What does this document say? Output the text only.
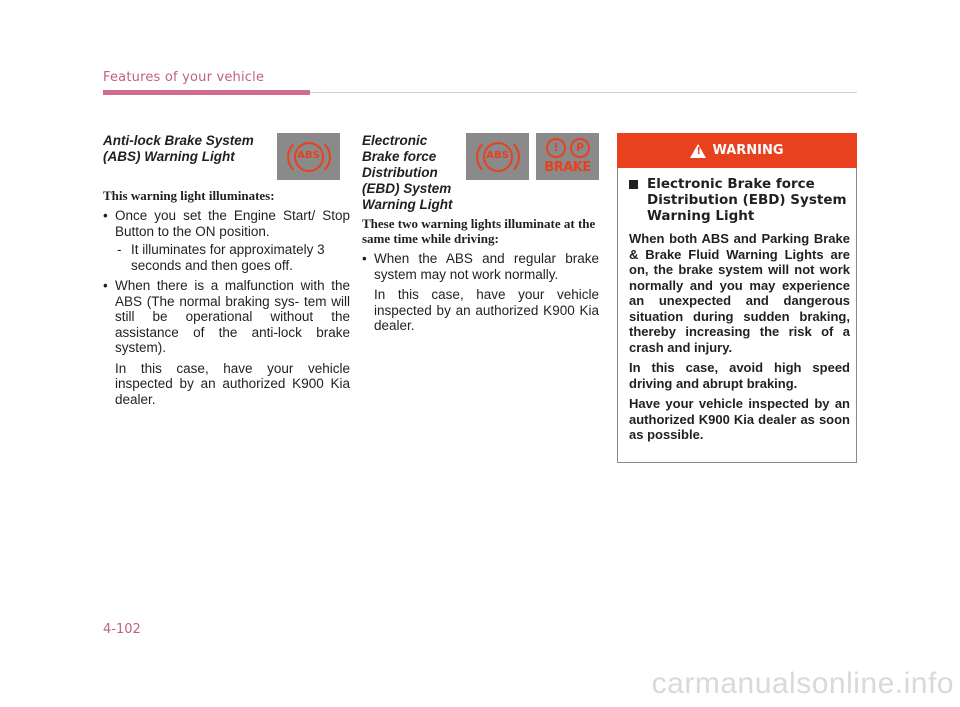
Features of your vehicle
Anti-lock Brake System
(ABS) Warning Light	ABS
This warning light illuminates:
• Once you set the Engine Start/ Stop Button to the ON position.
- It illuminates for approximately 3 seconds and then goes off.
• When there is a malfunction with the ABS (The normal braking sys- tem will still be operational without the assistance of the anti-lock brake system).
In this case, have your vehicle inspected by an authorized K900 Kia dealer.
Electronic
Brake force
Distribution
(EBD) System
Warning Light
ABS
!	P
BRAKE
These two warning lights illuminate at the same time while driving:
• When the ABS and regular brake system may not work normally.
In this case, have your vehicle inspected by an authorized K900 Kia dealer.
! WARNING
Electronic Brake force Distribution (EBD) System Warning Light

When both ABS and Parking Brake & Brake Fluid Warning Lights are on, the brake system will not work normally and you may experience an unexpected and dangerous situation during sudden braking, thereby increasing the risk of a crash and injury.

In this case, avoid high speed driving and abrupt braking.

Have your vehicle inspected by an authorized K900 Kia dealer as soon as possible.

4-102
carmanualsonline.info
